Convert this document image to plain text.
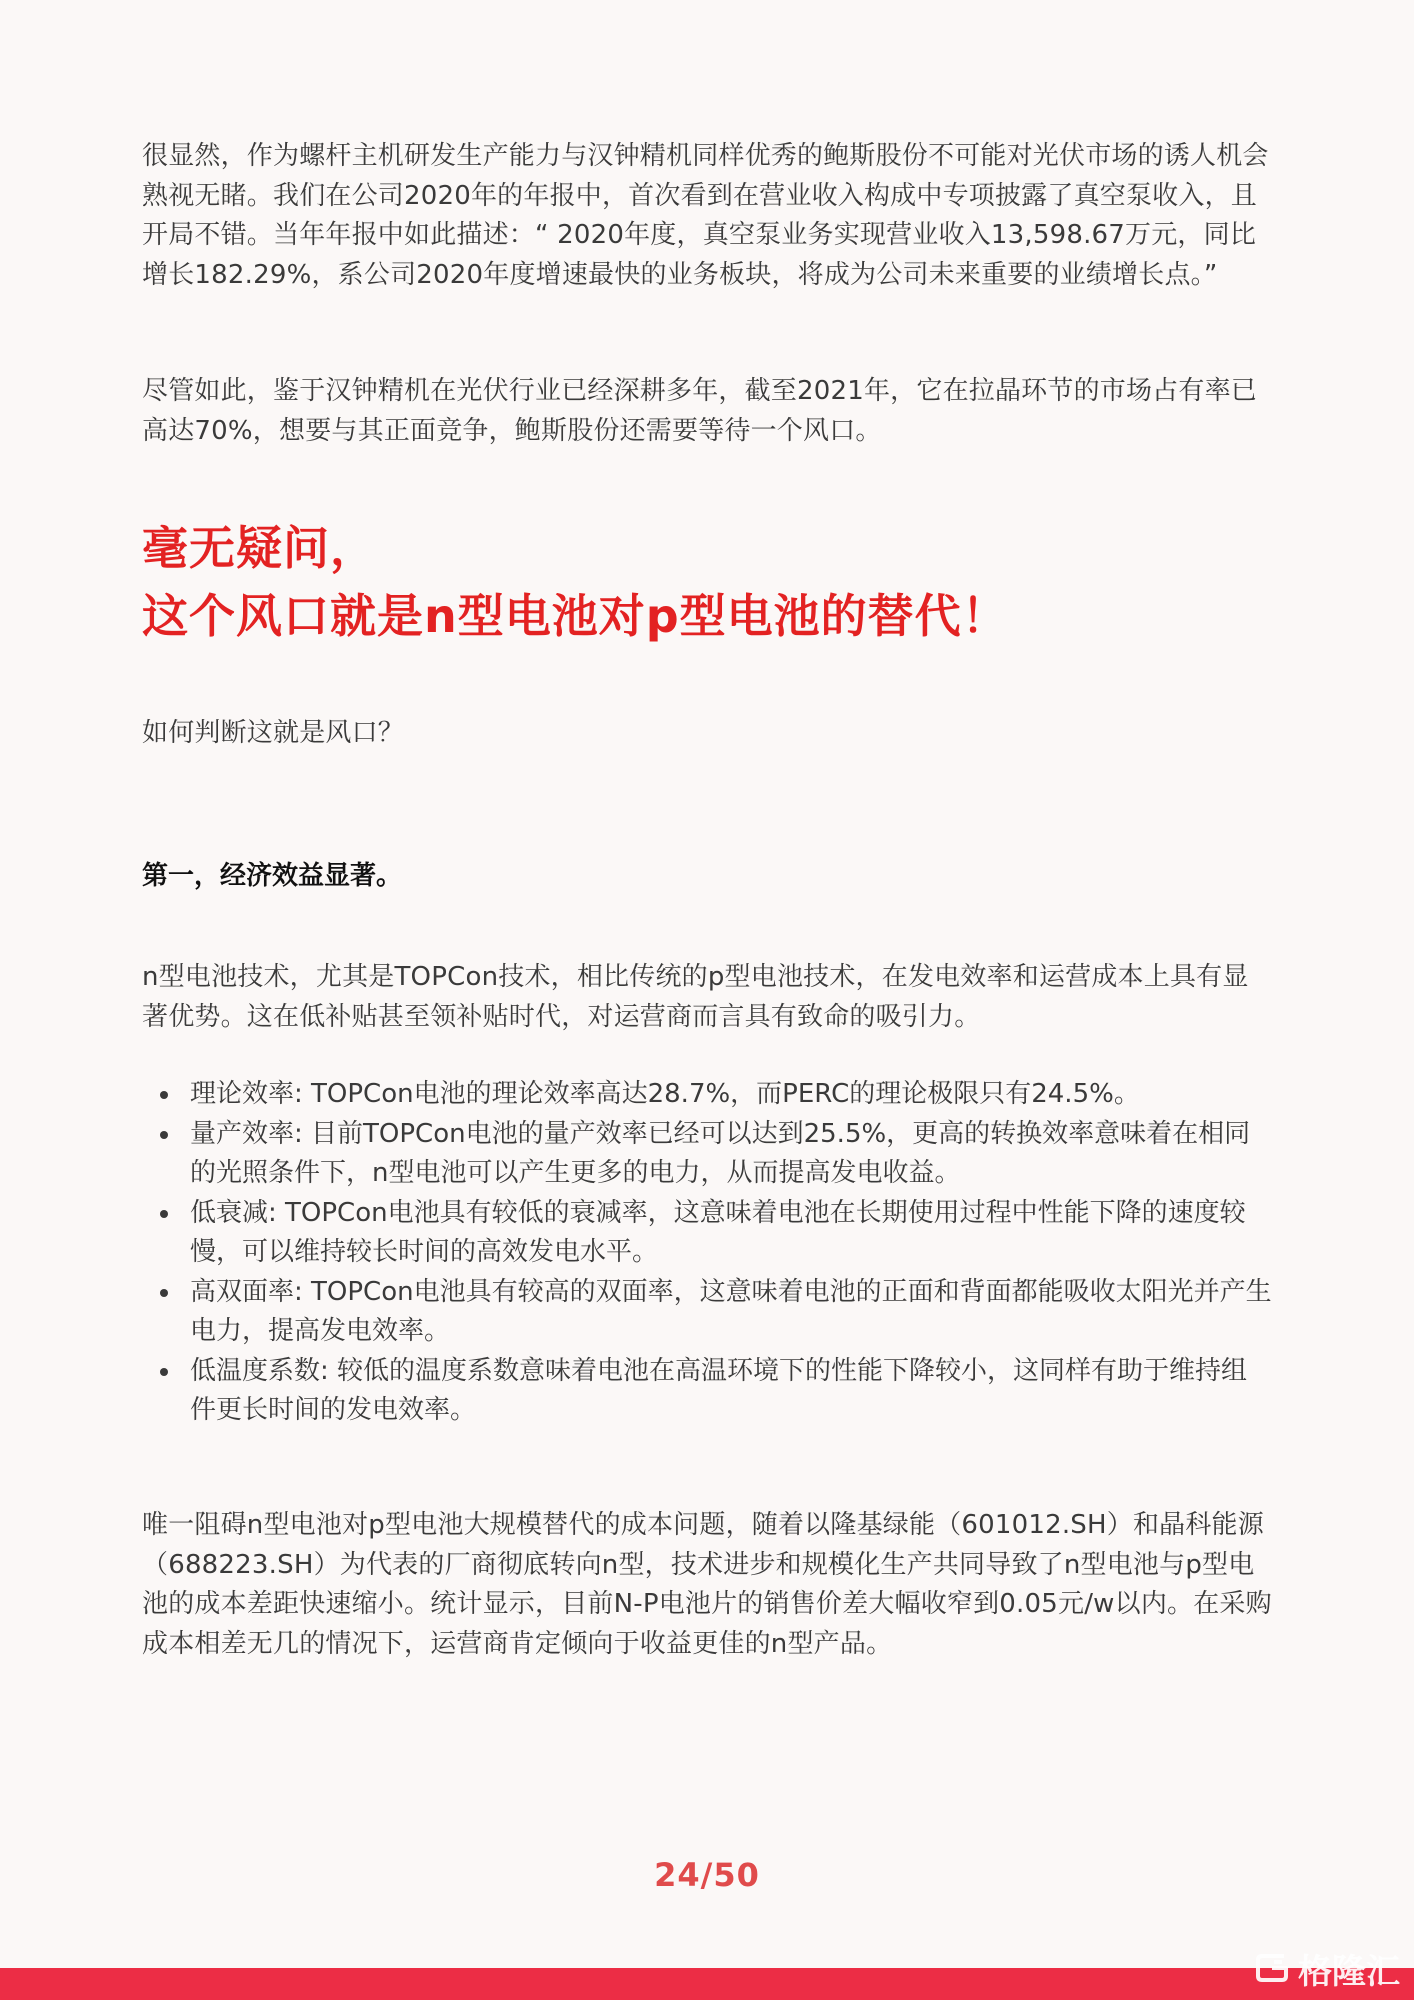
很显然，作为螺杆主机研发生产能力与汉钟精机同样优秀的鲍斯股份不可能对光伏市场的诱人机会熟视无睹。我们在公司2020年的年报中，首次看到在营业收入构成中专项披露了真空泵收入，且开局不错。当年年报中如此描述：“ 2020年度，真空泵业务实现营业收入13,598.67万元，同比增长182.29%，系公司2020年度增速最快的业务板块，将成为公司未来重要的业绩增长点。”

尽管如此，鉴于汉钟精机在光伏行业已经深耕多年，截至2021年，它在拉晶环节的市场占有率已高达70%，想要与其正面竞争，鲍斯股份还需要等待一个风口。

毫无疑问，
这个风口就是n型电池对p型电池的替代！

如何判断这就是风口？

第一，经济效益显著。

n型电池技术，尤其是TOPCon技术，相比传统的p型电池技术，在发电效率和运营成本上具有显著优势。这在低补贴甚至领补贴时代，对运营商而言具有致命的吸引力。

理论效率: TOPCon电池的理论效率高达28.7%，而PERC的理论极限只有24.5%。
量产效率: 目前TOPCon电池的量产效率已经可以达到25.5%，更高的转换效率意味着在相同的光照条件下，n型电池可以产生更多的电力，从而提高发电收益。
低衰减: TOPCon电池具有较低的衰减率，这意味着电池在长期使用过程中性能下降的速度较慢，可以维持较长时间的高效发电水平。
高双面率: TOPCon电池具有较高的双面率，这意味着电池的正面和背面都能吸收太阳光并产生电力，提高发电效率。
低温度系数: 较低的温度系数意味着电池在高温环境下的性能下降较小，这同样有助于维持组件更长时间的发电效率。

唯一阻碍n型电池对p型电池大规模替代的成本问题，随着以隆基绿能（601012.SH）和晶科能源（688223.SH）为代表的厂商彻底转向n型，技术进步和规模化生产共同导致了n型电池与p型电池的成本差距快速缩小。统计显示，目前N-P电池片的销售价差大幅收窄到0.05元/w以内。在采购成本相差无几的情况下，运营商肯定倾向于收益更佳的n型产品。

24/50
格隆汇
